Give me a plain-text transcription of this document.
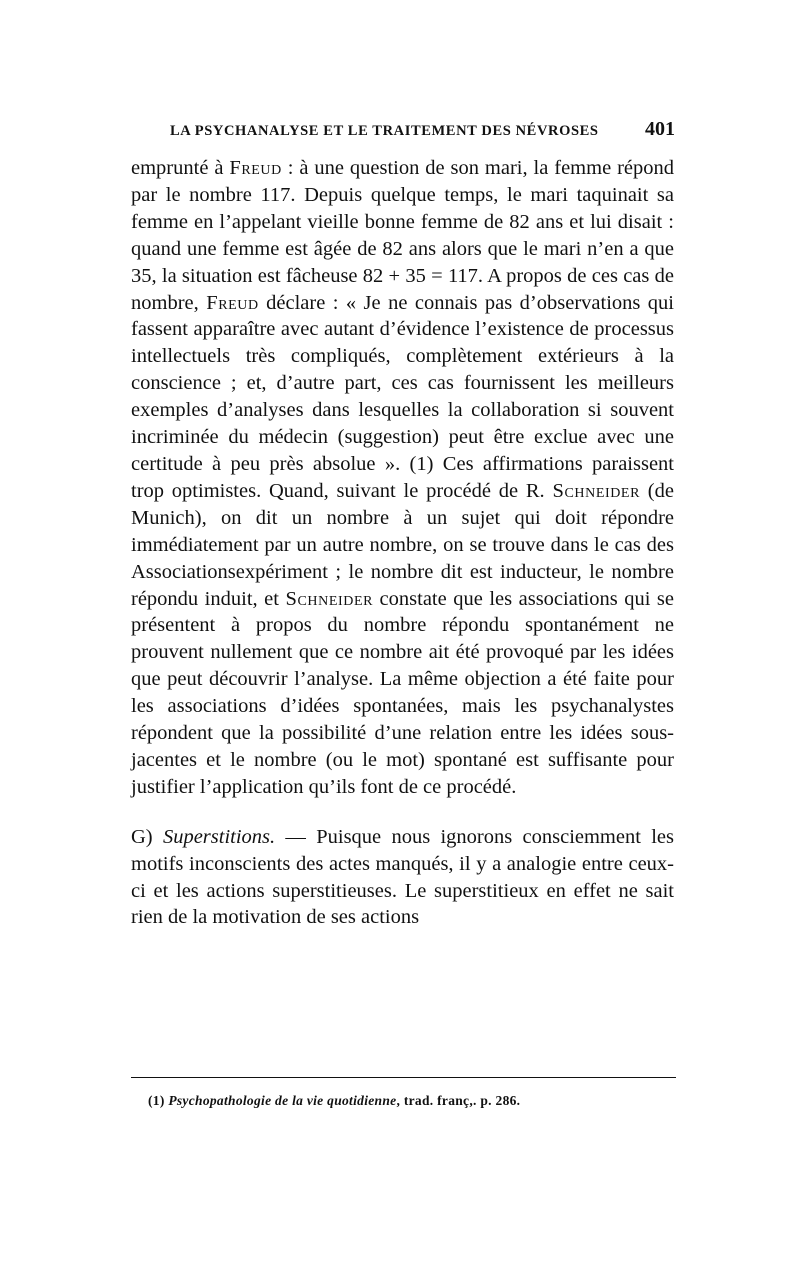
LA PSYCHANALYSE ET LE TRAITEMENT DES NÉVROSES 401

emprunté à Freud : à une question de son mari, la femme répond par le nombre 117. Depuis quelque temps, le mari taquinait sa femme en l’appelant vieille bonne femme de 82 ans et lui disait : quand une femme est âgée de 82 ans alors que le mari n’en a que 35, la situation est fâcheuse 82 + 35 = 117. A propos de ces cas de nombre, Freud déclare : « Je ne connais pas d’observations qui fassent apparaître avec autant d’évidence l’existence de processus intellectuels très compliqués, complètement extérieurs à la conscience ; et, d’autre part, ces cas fournissent les meilleurs exemples d’analyses dans lesquelles la collaboration si souvent incriminée du médecin (suggestion) peut être exclue avec une certitude à peu près absolue ». (1) Ces affirmations paraissent trop optimistes. Quand, suivant le procédé de R. Schneider (de Munich), on dit un nombre à un sujet qui doit répondre immédiatement par un autre nombre, on se trouve dans le cas des Associationsexpériment ; le nombre dit est inducteur, le nombre répondu induit, et Schneider constate que les associations qui se présentent à propos du nombre répondu spontanément ne prouvent nullement que ce nombre ait été provoqué par les idées que peut découvrir l’analyse. La même objection a été faite pour les associations d’idées spontanées, mais les psychanalystes répondent que la possibilité d’une relation entre les idées sous-jacentes et le nombre (ou le mot) spontané est suffisante pour justifier l’application qu’ils font de ce procédé.

G) Superstitions. — Puisque nous ignorons consciemment les motifs inconscients des actes manqués, il y a analogie entre ceux-ci et les actions superstitieuses. Le superstitieux en effet ne sait rien de la motivation de ses actions

(1) Psychopathologie de la vie quotidienne, trad. franç,. p. 286.
